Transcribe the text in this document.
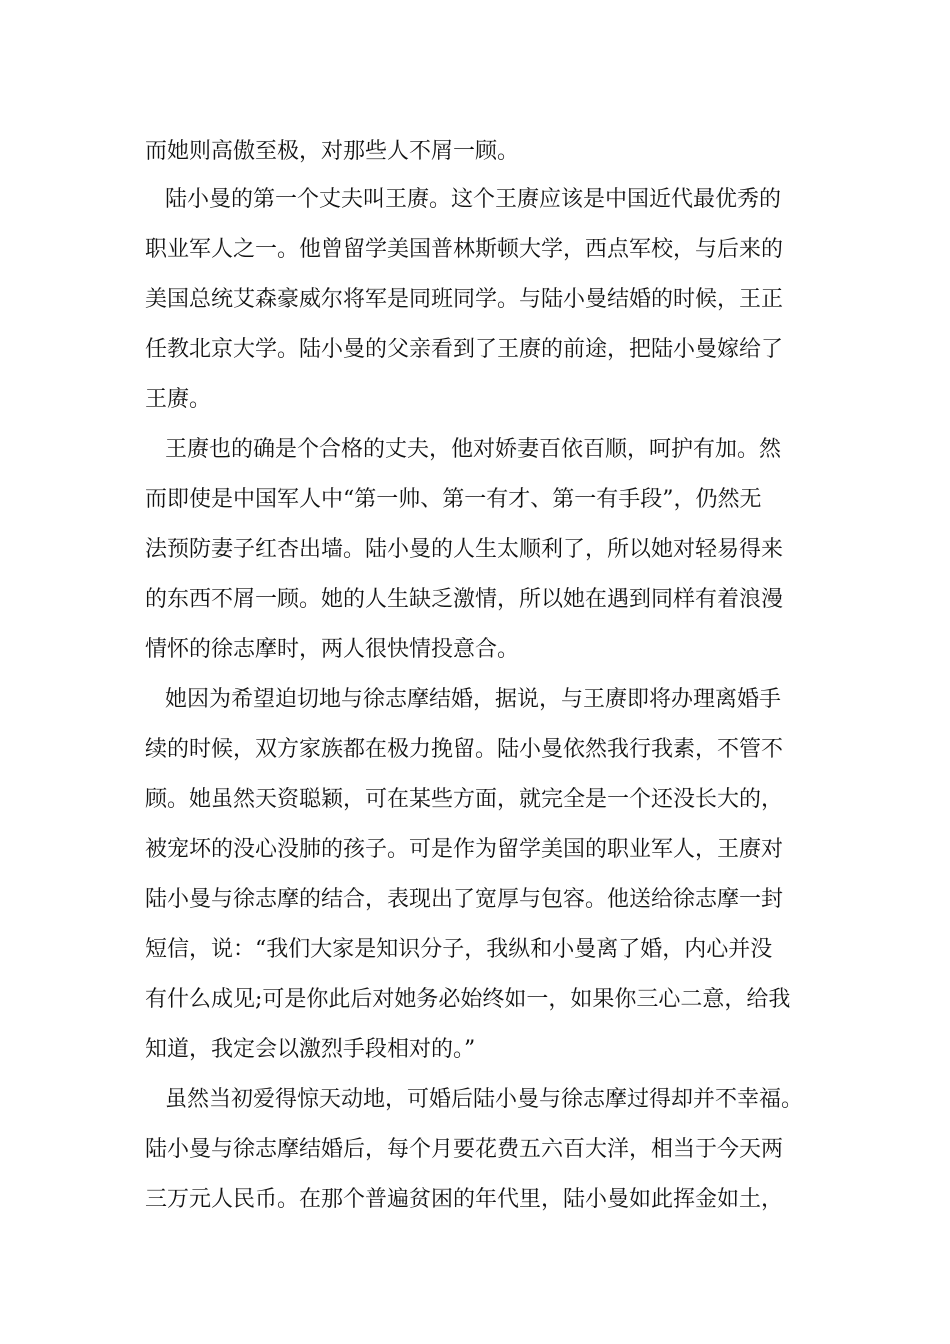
而她则高傲至极，对那些人不屑一顾。
陆小曼的第一个丈夫叫王赓。这个王赓应该是中国近代最优秀的
职业军人之一。他曾留学美国普林斯顿大学，西点军校，与后来的
美国总统艾森豪威尔将军是同班同学。与陆小曼结婚的时候，王正
任教北京大学。陆小曼的父亲看到了王赓的前途，把陆小曼嫁给了
王赓。
王赓也的确是个合格的丈夫，他对娇妻百依百顺，呵护有加。然
而即使是中国军人中“第一帅、第一有才、第一有手段”，仍然无
法预防妻子红杏出墙。陆小曼的人生太顺利了，所以她对轻易得来
的东西不屑一顾。她的人生缺乏激情，所以她在遇到同样有着浪漫
情怀的徐志摩时，两人很快情投意合。
她因为希望迫切地与徐志摩结婚，据说，与王赓即将办理离婚手
续的时候，双方家族都在极力挽留。陆小曼依然我行我素，不管不
顾。她虽然天资聪颖，可在某些方面，就完全是一个还没长大的，
被宠坏的没心没肺的孩子。可是作为留学美国的职业军人，王赓对
陆小曼与徐志摩的结合，表现出了宽厚与包容。他送给徐志摩一封
短信，说：“我们大家是知识分子，我纵和小曼离了婚，内心并没
有什么成见;可是你此后对她务必始终如一，如果你三心二意，给我
知道，我定会以激烈手段相对的。”
虽然当初爱得惊天动地，可婚后陆小曼与徐志摩过得却并不幸福。
陆小曼与徐志摩结婚后，每个月要花费五六百大洋，相当于今天两
三万元人民币。在那个普遍贫困的年代里，陆小曼如此挥金如土，
